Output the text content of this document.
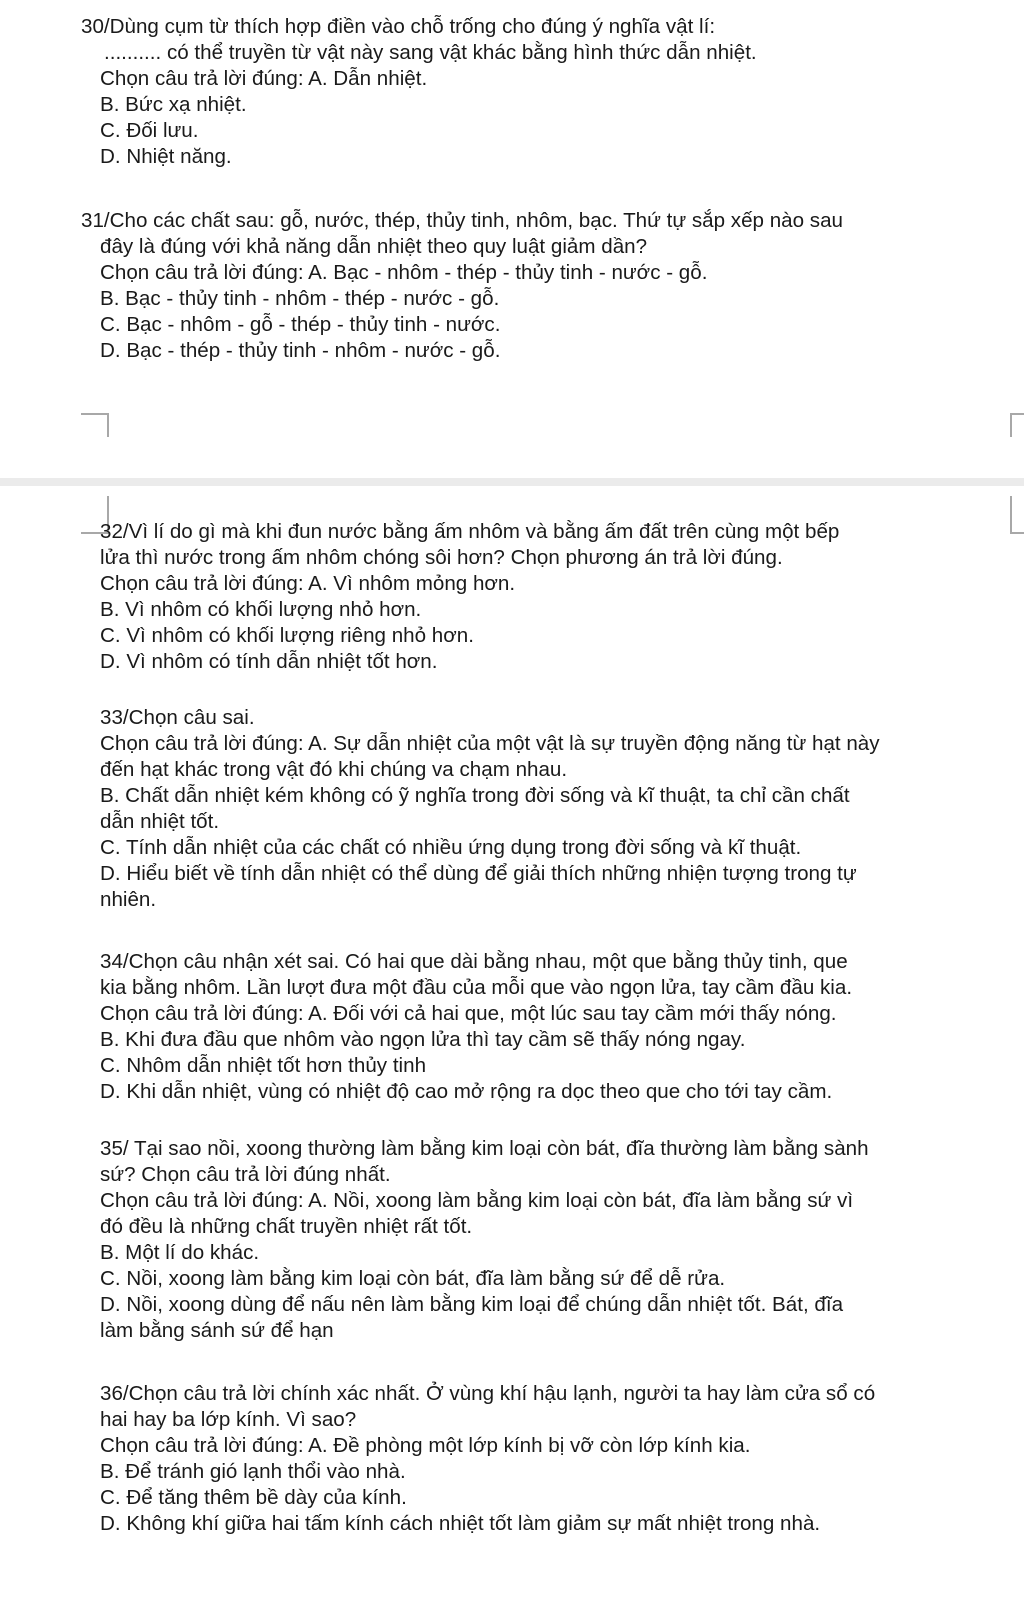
30/Dùng cụm từ thích hợp điền vào chỗ trống cho đúng ý nghĩa vật lí:
.......... có thể truyền từ vật này sang vật khác bằng hình thức dẫn nhiệt.
Chọn câu trả lời đúng: A. Dẫn nhiệt.
B. Bức xạ nhiệt.
C. Đối lưu.
D. Nhiệt năng.
31/Cho các chất sau: gỗ, nước, thép, thủy tinh, nhôm, bạc. Thứ tự sắp xếp nào sau
đây là đúng với khả năng dẫn nhiệt theo quy luật giảm dần?
Chọn câu trả lời đúng: A. Bạc - nhôm - thép - thủy tinh - nước - gỗ.
B. Bạc - thủy tinh - nhôm - thép - nước - gỗ.
C. Bạc - nhôm - gỗ - thép - thủy tinh - nước.
D. Bạc - thép - thủy tinh - nhôm - nước - gỗ.
32/Vì lí do gì mà khi đun nước bằng ấm nhôm và bằng ấm đất trên cùng một bếp
lửa thì nước trong ấm nhôm chóng sôi hơn? Chọn phương án trả lời đúng.
Chọn câu trả lời đúng: A. Vì nhôm mỏng hơn.
B. Vì nhôm có khối lượng nhỏ hơn.
C. Vì nhôm có khối lượng riêng nhỏ hơn.
D. Vì nhôm có tính dẫn nhiệt tốt hơn.
33/Chọn câu sai.
Chọn câu trả lời đúng: A. Sự dẫn nhiệt của một vật là sự truyền động năng từ hạt này
đến hạt khác trong vật đó khi chúng va chạm nhau.
B. Chất dẫn nhiệt kém không có ỹ nghĩa trong đời sống và kĩ thuật, ta chỉ cần chất
dẫn nhiệt tốt.
C. Tính dẫn nhiệt của các chất có nhiều ứng dụng trong đời sống và kĩ thuật.
D. Hiểu biết về tính dẫn nhiệt có thể dùng để giải thích những nhiện tượng trong tự
nhiên.
34/Chọn câu nhận xét sai. Có hai que dài bằng nhau, một que bằng thủy tinh, que
kia bằng nhôm. Lần lượt đưa một đầu của mỗi que vào ngọn lửa, tay cầm đầu kia.
Chọn câu trả lời đúng: A. Đối với cả hai que, một lúc sau tay cầm mới thấy nóng.
B. Khi đưa đầu que nhôm vào ngọn lửa thì tay cầm sẽ thấy nóng ngay.
C. Nhôm dẫn nhiệt tốt hơn thủy tinh
D. Khi dẫn nhiệt, vùng có nhiệt độ cao mở rộng ra dọc theo que cho tới tay cầm.
35/ Tại sao nồi, xoong thường làm bằng kim loại còn bát, đĩa thường làm bằng sành
sứ? Chọn câu trả lời đúng nhất.
Chọn câu trả lời đúng: A. Nồi, xoong làm bằng kim loại còn bát, đĩa làm bằng sứ vì
đó đều là những chất truyền nhiệt rất tốt.
B. Một lí do khác.
C. Nồi, xoong làm bằng kim loại còn bát, đĩa làm bằng sứ để dễ rửa.
D. Nồi, xoong dùng để nấu nên làm bằng kim loại để chúng dẫn nhiệt tốt. Bát, đĩa
làm bằng sánh sứ để hạn
36/Chọn câu trả lời chính xác nhất. Ở vùng khí hậu lạnh, người ta hay làm cửa sổ có
hai hay ba lớp kính. Vì sao?
Chọn câu trả lời đúng: A. Đề phòng một lớp kính bị vỡ còn lớp kính kia.
B. Để tránh gió lạnh thổi vào nhà.
C. Để tăng thêm bề dày của kính.
D. Không khí giữa hai tấm kính cách nhiệt tốt làm giảm sự mất nhiệt trong nhà.
